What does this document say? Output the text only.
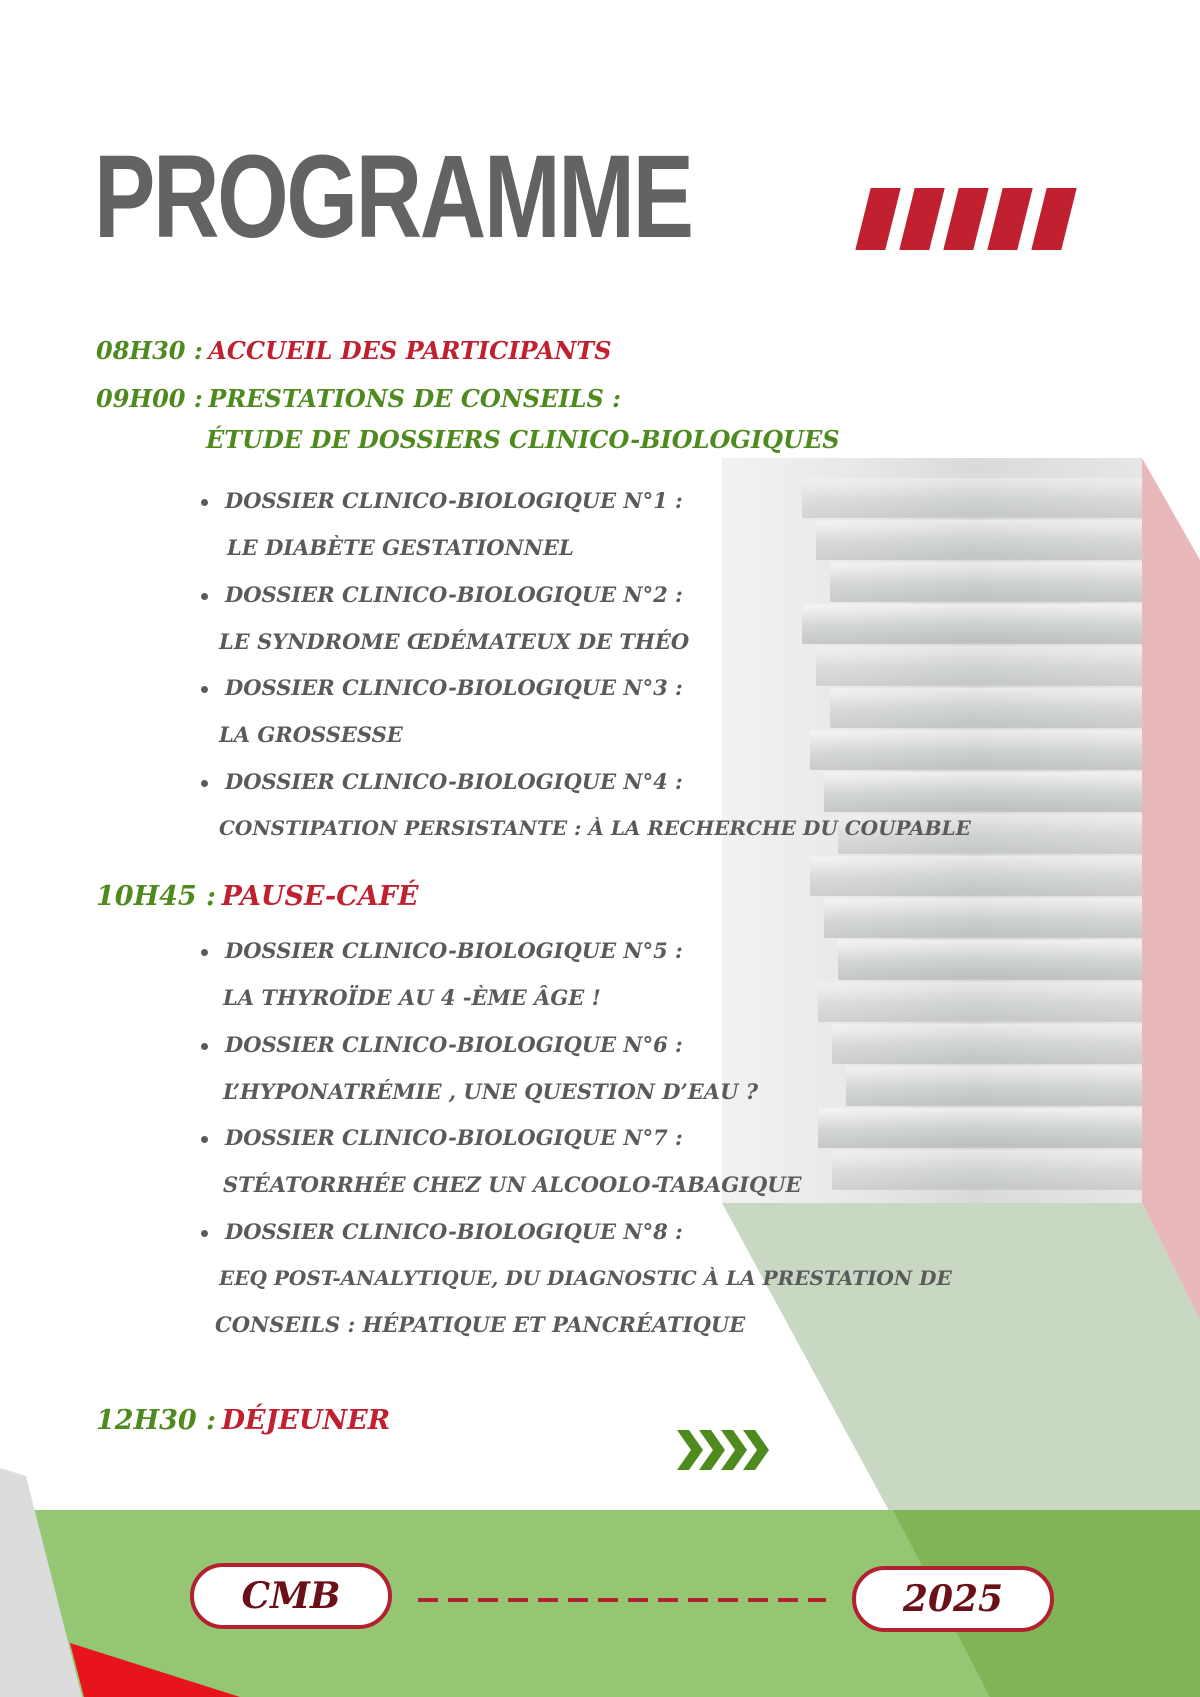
PROGRAMME
08H30 : ACCUEIL DES PARTICIPANTS
09H00 : PRESTATIONS DE CONSEILS :
ÉTUDE DE DOSSIERS CLINICO-BIOLOGIQUES
DOSSIER CLINICO-BIOLOGIQUE N°1 :
LE DIABÈTE GESTATIONNEL
DOSSIER CLINICO-BIOLOGIQUE N°2 :
LE SYNDROME ŒDÉMATEUX DE THÉO
DOSSIER CLINICO-BIOLOGIQUE N°3 :
LA GROSSESSE
DOSSIER CLINICO-BIOLOGIQUE N°4 :
CONSTIPATION PERSISTANTE : À LA RECHERCHE DU COUPABLE
10H45 : PAUSE-CAFÉ
DOSSIER CLINICO-BIOLOGIQUE N°5 :
LA THYROÏDE AU 4 -ÈME ÂGE !
DOSSIER CLINICO-BIOLOGIQUE N°6 :
L’HYPONATRÉMIE , UNE QUESTION D’EAU ?
DOSSIER CLINICO-BIOLOGIQUE N°7 :
STÉATORRHÉE CHEZ UN ALCOOLO-TABAGIQUE
DOSSIER CLINICO-BIOLOGIQUE N°8 :
EEQ POST-ANALYTIQUE, DU DIAGNOSTIC À LA PRESTATION DE
CONSEILS : HÉPATIQUE ET PANCRÉATIQUE
12H30 : DÉJEUNER
CMB	2025
